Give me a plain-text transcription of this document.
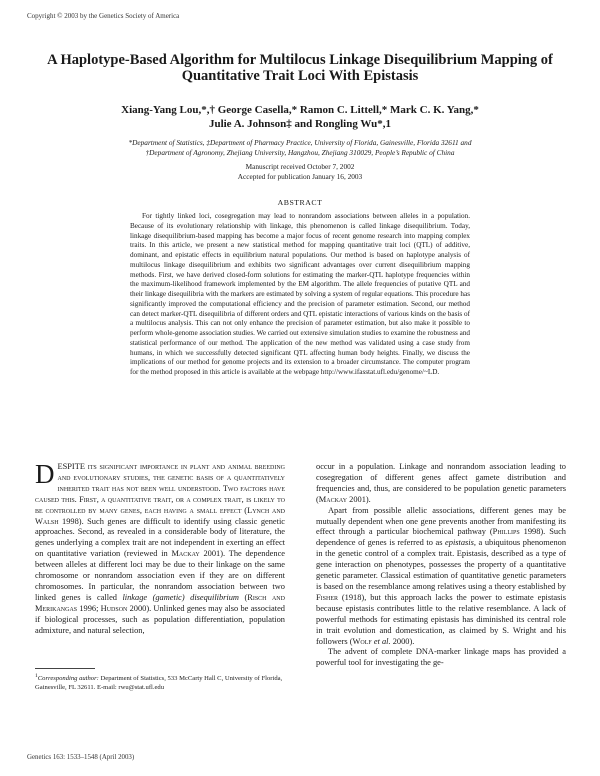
Copyright © 2003 by the Genetics Society of America
A Haplotype-Based Algorithm for Multilocus Linkage Disequilibrium Mapping of Quantitative Trait Loci With Epistasis
Xiang-Yang Lou,*,† George Casella,* Ramon C. Littell,* Mark C. K. Yang,*
Julie A. Johnson‡ and Rongling Wu*,1
*Department of Statistics, ‡Department of Pharmacy Practice, University of Florida, Gainesville, Florida 32611 and
†Department of Agronomy, Zhejiang University, Hangzhou, Zhejiang 310029, People’s Republic of China
Manuscript received October 7, 2002
Accepted for publication January 16, 2003
ABSTRACT
For tightly linked loci, cosegregation may lead to nonrandom associations between alleles in a population. Because of its evolutionary relationship with linkage, this phenomenon is called linkage disequilibrium. Today, linkage disequilibrium-based mapping has become a major focus of recent genome research into mapping complex traits. In this article, we present a new statistical method for mapping quantitative trait loci (QTL) of additive, dominant, and epistatic effects in equilibrium natural populations. Our method is based on haplotype analysis of multilocus linkage disequilibrium and exhibits two significant advantages over current disequilibrium mapping methods. First, we have derived closed-form solutions for estimating the marker-QTL haplotype frequencies within the maximum-likelihood framework implemented by the EM algorithm. The allele frequencies of putative QTL and their linkage disequilibria with the markers are estimated by solving a system of regular equations. This procedure has significantly improved the computational efficiency and the precision of parameter estimation. Second, our method can detect marker-QTL disequilibria of different orders and QTL epistatic interactions of various kinds on the basis of a multilocus analysis. This can not only enhance the precision of parameter estimation, but also make it possible to perform whole-genome association studies. We carried out extensive simulation studies to examine the robustness and statistical performance of our method. The application of the new method was validated using a case study from humans, in which we successfully detected significant QTL affecting human body heights. Finally, we discuss the implications of our method for genome projects and its extension to a broader circumstance. The computer program for the method proposed in this article is available at the webpage http://www.ifasstat.ufl.edu/genome/~LD.

DESPITE its significant importance in plant and animal breeding and evolutionary studies, the genetic basis of a quantitatively inherited trait has not been well understood. Two factors have caused this. First, a quantitative trait, or a complex trait, is likely to be controlled by many genes, each having a small effect (Lynch and Walsh 1998). Such genes are difficult to identify using classic genetic approaches. Second, as revealed in a considerable body of literature, the genes underlying a complex trait are not independent in exerting an effect on quantitative variation (reviewed in Mackay 2001). The dependence between alleles at different loci may be due to their linkage on the same chromosome or nonrandom association even if they are on different chromosomes. In particular, the nonrandom association between two linked genes is called linkage (gametic) disequilibrium (Risch and Merikangas 1996; Hudson 2000). Unlinked genes may also be associated if biological processes, such as population differentiation, population admixture, and natural selection,

occur in a population. Linkage and nonrandom association leading to cosegregation of different genes affect gamete distribution and frequencies and, thus, are considered to be population genetic parameters (Mackay 2001).

Apart from possible allelic associations, different genes may be mutually dependent when one gene prevents another from manifesting its effect through a particular biochemical pathway (Phillips 1998). Such dependence of genes is referred to as epistasis, a ubiquitous phenomenon in the genetic control of a complex trait. Epistasis, described as a type of gene interaction on phenotypes, possesses the property of a quantitative genetic parameter. Classical estimation of quantitative genetic parameters is based on the resemblance among relatives using a theory established by Fisher (1918), but this approach lacks the power to estimate epistasis because epistasis contributes little to the relative resemblance. A lack of powerful methods for estimating epistasis has diminished its central role in trait evolution and domestication, as claimed by S. Wright and his followers (Wolf et al. 2000).

The advent of complete DNA-marker linkage maps has provided a powerful tool for investigating the ge-

$^1$Corresponding author: Department of Statistics, 533 McCarty Hall C, University of Florida, Gainesville, FL 32611. E-mail: rwu@stat.ufl.edu
Genetics 163: 1533–1548 (April 2003)
